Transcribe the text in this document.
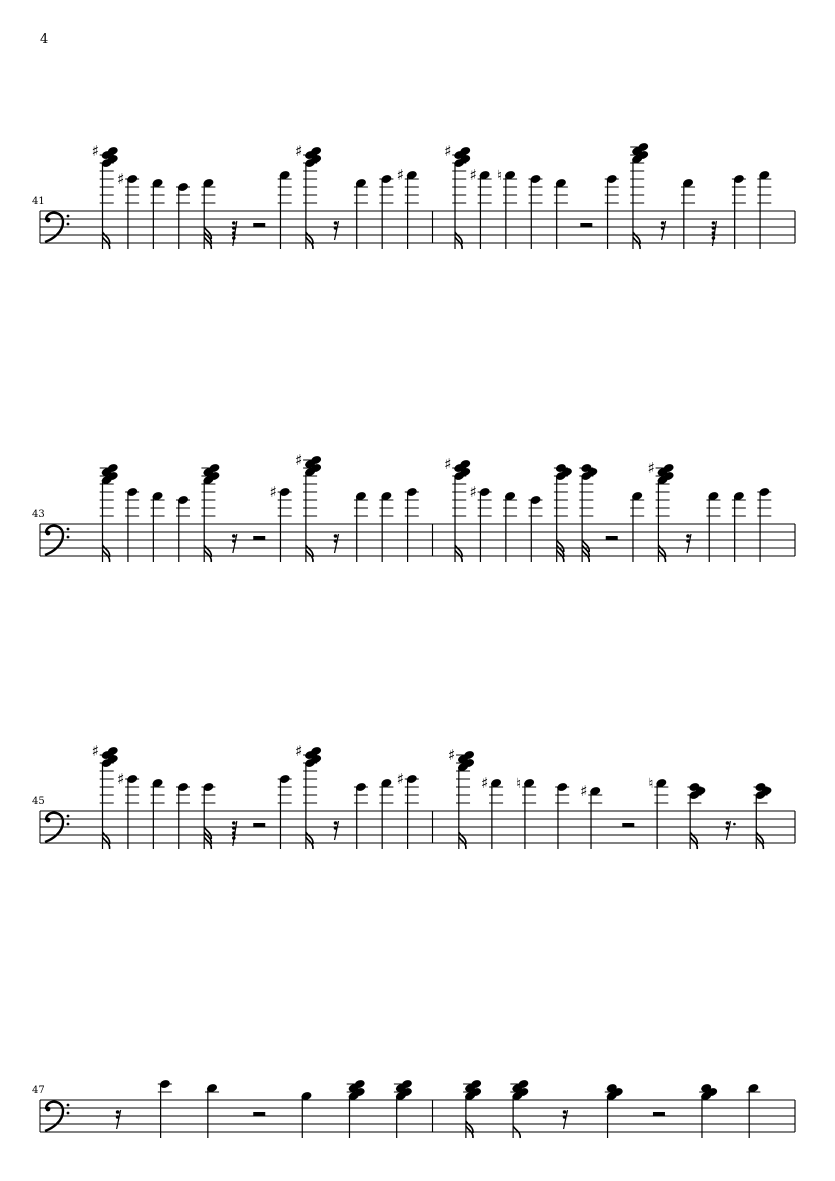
4
41
♯
♯
♯
♯
♯
♯ ♮
43
♯
♯	♯
♯
♯
45
♯
♯
♯
♯
♯
♯ ♮	♯	♮
47
